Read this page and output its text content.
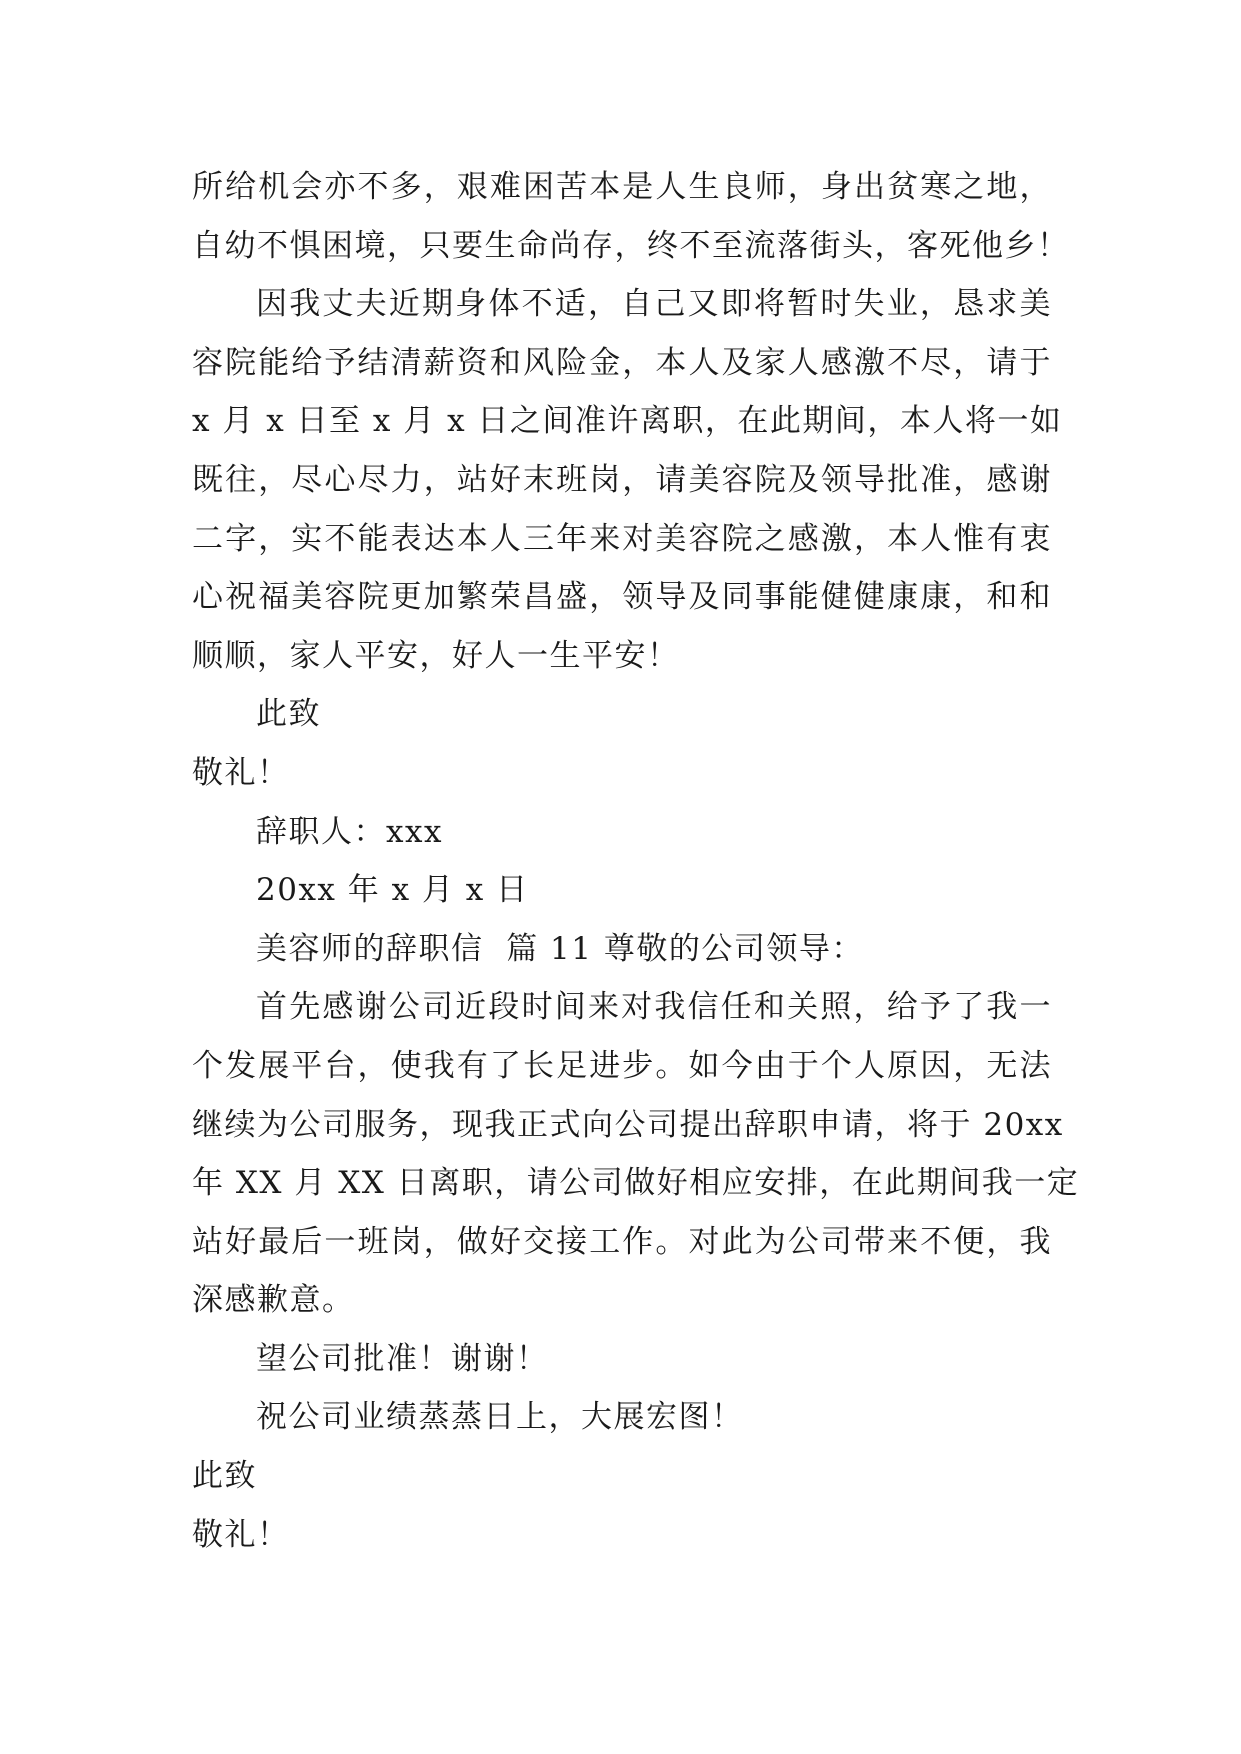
所给机会亦不多，艰难困苦本是人生良师，身出贫寒之地，
自幼不惧困境，只要生命尚存，终不至流落街头，客死他乡！
因我丈夫近期身体不适，自己又即将暂时失业，恳求美
容院能给予结清薪资和风险金，本人及家人感激不尽，请于
x 月 x 日至 x 月 x 日之间准许离职，在此期间，本人将一如
既往，尽心尽力，站好末班岗，请美容院及领导批准，感谢
二字，实不能表达本人三年来对美容院之感激，本人惟有衷
心祝福美容院更加繁荣昌盛，领导及同事能健健康康，和和
顺顺，家人平安，好人一生平安！
此致
敬礼！
辞职人：xxx
20xx 年 x 月 x 日
美容师的辞职信  篇 11 尊敬的公司领导：
首先感谢公司近段时间来对我信任和关照，给予了我一
个发展平台，使我有了长足进步。如今由于个人原因，无法
继续为公司服务，现我正式向公司提出辞职申请，将于 20xx
年 XX 月 XX 日离职，请公司做好相应安排，在此期间我一定
站好最后一班岗，做好交接工作。对此为公司带来不便，我
深感歉意。
望公司批准！谢谢！
祝公司业绩蒸蒸日上，大展宏图！
此致
敬礼！
